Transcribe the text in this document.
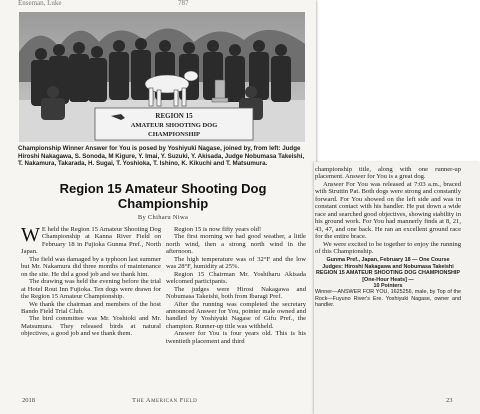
Enseman, Luke	787
REGION 15
AMATEUR SHOOTING DOG
CHAMPIONSHIP
Championship Winner Answer for You is posed by Yoshiyuki Nagase, joined by, from left: Judge Hiroshi Nakagawa, S. Sonoda, M Kigure, Y. Imai, Y. Suzuki, Y. Akisada, Judge Nobumasa Takeishi, T. Nakamura, Takarada, H. Sugai, T. Yoshioka, T. Ishino, K. Kikuchi and T. Matsumura.
Region 15 Amateur Shooting Dog Championship
By Chiharu Niwa

W E held the Region 15 Amateur Shooting Dog Championship at Kanna River Field on February 18 in Fujioka Gunma Pref., North Japan.

The field was damaged by a typhoon last summer but Mr. Nakamura did three months of maintenance on the site. He did a good job and we thank him.

The drawing was held the evening before the trial at Hotel Rout Inn Fujioka. Ten dogs were drawn for the Region 15 Amateur Championship.

We thank the chairman and members of the host Bando Field Trial Club.

The bird committee was Mr. Yoshioki and Mr. Matsumura. They released birds at natural objectives, a good job and we thank them.

Region 15 is now fifty years old!

The first morning we had good weather, a little north wind, then a strong north wind in the afternoon.

The high temperature was of 32°F and the low was 28°F, humidity at 25%.

Region 15 Chairman Mr. Yoshiharu Akisada welcomed participants.

The judges were Hirosi Nakagawa and Nobumasa Takeishi, both from Ibaragi Pref.

After the running was completed the secretary announced Answer for You, pointer male owned and handled by Yoshiyuki Nagase of Gifu Pref., the champion. Runner-up title was withheld.

Answer for You is four years old. This is his twentieth placement and third

2018	The American Field

championship title, along with one runner-up placement. Answer for You is a great dog.

Answer For You was released at 7:03 a.m., braced with Struttin Pat. Both dogs were strong and constantly forward. For You showed on the left side and was in constant contact with his handler. He put down a wide race and searched good objectives, showing stability in his ground work. For You had mannerly finds at 8, 21, 43, 47, and one back. He ran an excellent ground race for the entire brace.

We were excited to be together to enjoy the running of this Championship.

Gunma Pref., Japan, February 18 — One Course
Judges: Hiroshi Nakagawa and Nobumasa Takeishi
REGION 15 AMATEUR SHOOTING DOG CHAMPIONSHIP [One-Hour Heats] —
10 Pointers
Winner—ANSWER FOR YOU, 1625256, male, by Top of the Rock—Fuyuno River's Ere. Yoshiyuki Nagase, owner and handler.
23
